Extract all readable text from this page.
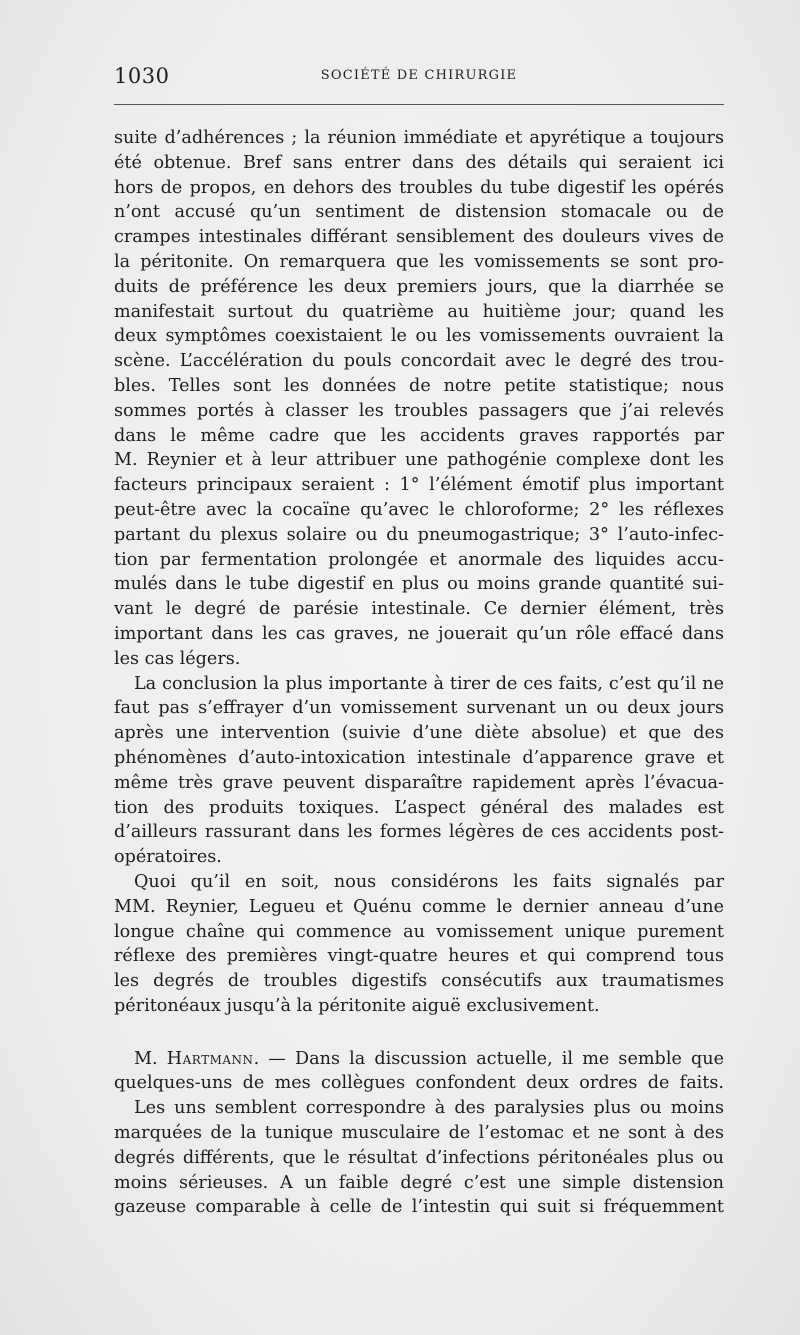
1030	SOCIÉTÉ DE CHIRURGIE
suite d’adhérences ; la réunion immédiate et apyrétique a toujours
été obtenue. Bref sans entrer dans des détails qui seraient ici
hors de propos, en dehors des troubles du tube digestif les opérés
n’ont accusé qu’un sentiment de distension stomacale ou de
crampes intestinales différant sensiblement des douleurs vives de
la péritonite. On remarquera que les vomissements se sont pro-
duits de préférence les deux premiers jours, que la diarrhée se
manifestait surtout du quatrième au huitième jour; quand les
deux symptômes coexistaient le ou les vomissements ouvraient la
scène. L’accélération du pouls concordait avec le degré des trou-
bles. Telles sont les données de notre petite statistique; nous
sommes portés à classer les troubles passagers que j’ai relevés
dans le même cadre que les accidents graves rapportés par
M. Reynier et à leur attribuer une pathogénie complexe dont les
facteurs principaux seraient : 1° l’élément émotif plus important
peut-être avec la cocaïne qu’avec le chloroforme; 2° les réflexes
partant du plexus solaire ou du pneumogastrique; 3° l’auto-infec-
tion par fermentation prolongée et anormale des liquides accu-
mulés dans le tube digestif en plus ou moins grande quantité sui-
vant le degré de parésie intestinale. Ce dernier élément, très
important dans les cas graves, ne jouerait qu’un rôle effacé dans
les cas légers.
La conclusion la plus importante à tirer de ces faits, c’est qu’il ne
faut pas s’effrayer d’un vomissement survenant un ou deux jours
après une intervention (suivie d’une diète absolue) et que des
phénomènes d’auto-intoxication intestinale d’apparence grave et
même très grave peuvent disparaître rapidement après l’évacua-
tion des produits toxiques. L’aspect général des malades est
d’ailleurs rassurant dans les formes légères de ces accidents post-
opératoires.
Quoi qu’il en soit, nous considérons les faits signalés par
MM. Reynier, Legueu et Quénu comme le dernier anneau d’une
longue chaîne qui commence au vomissement unique purement
réflexe des premières vingt-quatre heures et qui comprend tous
les degrés de troubles digestifs consécutifs aux traumatismes
péritonéaux jusqu’à la péritonite aiguë exclusivement.
M. Hartmann. — Dans la discussion actuelle, il me semble que
quelques-uns de mes collègues confondent deux ordres de faits.
Les uns semblent correspondre à des paralysies plus ou moins
marquées de la tunique musculaire de l’estomac et ne sont à des
degrés différents, que le résultat d’infections péritonéales plus ou
moins sérieuses. A un faible degré c’est une simple distension
gazeuse comparable à celle de l’intestin qui suit si fréquemment
